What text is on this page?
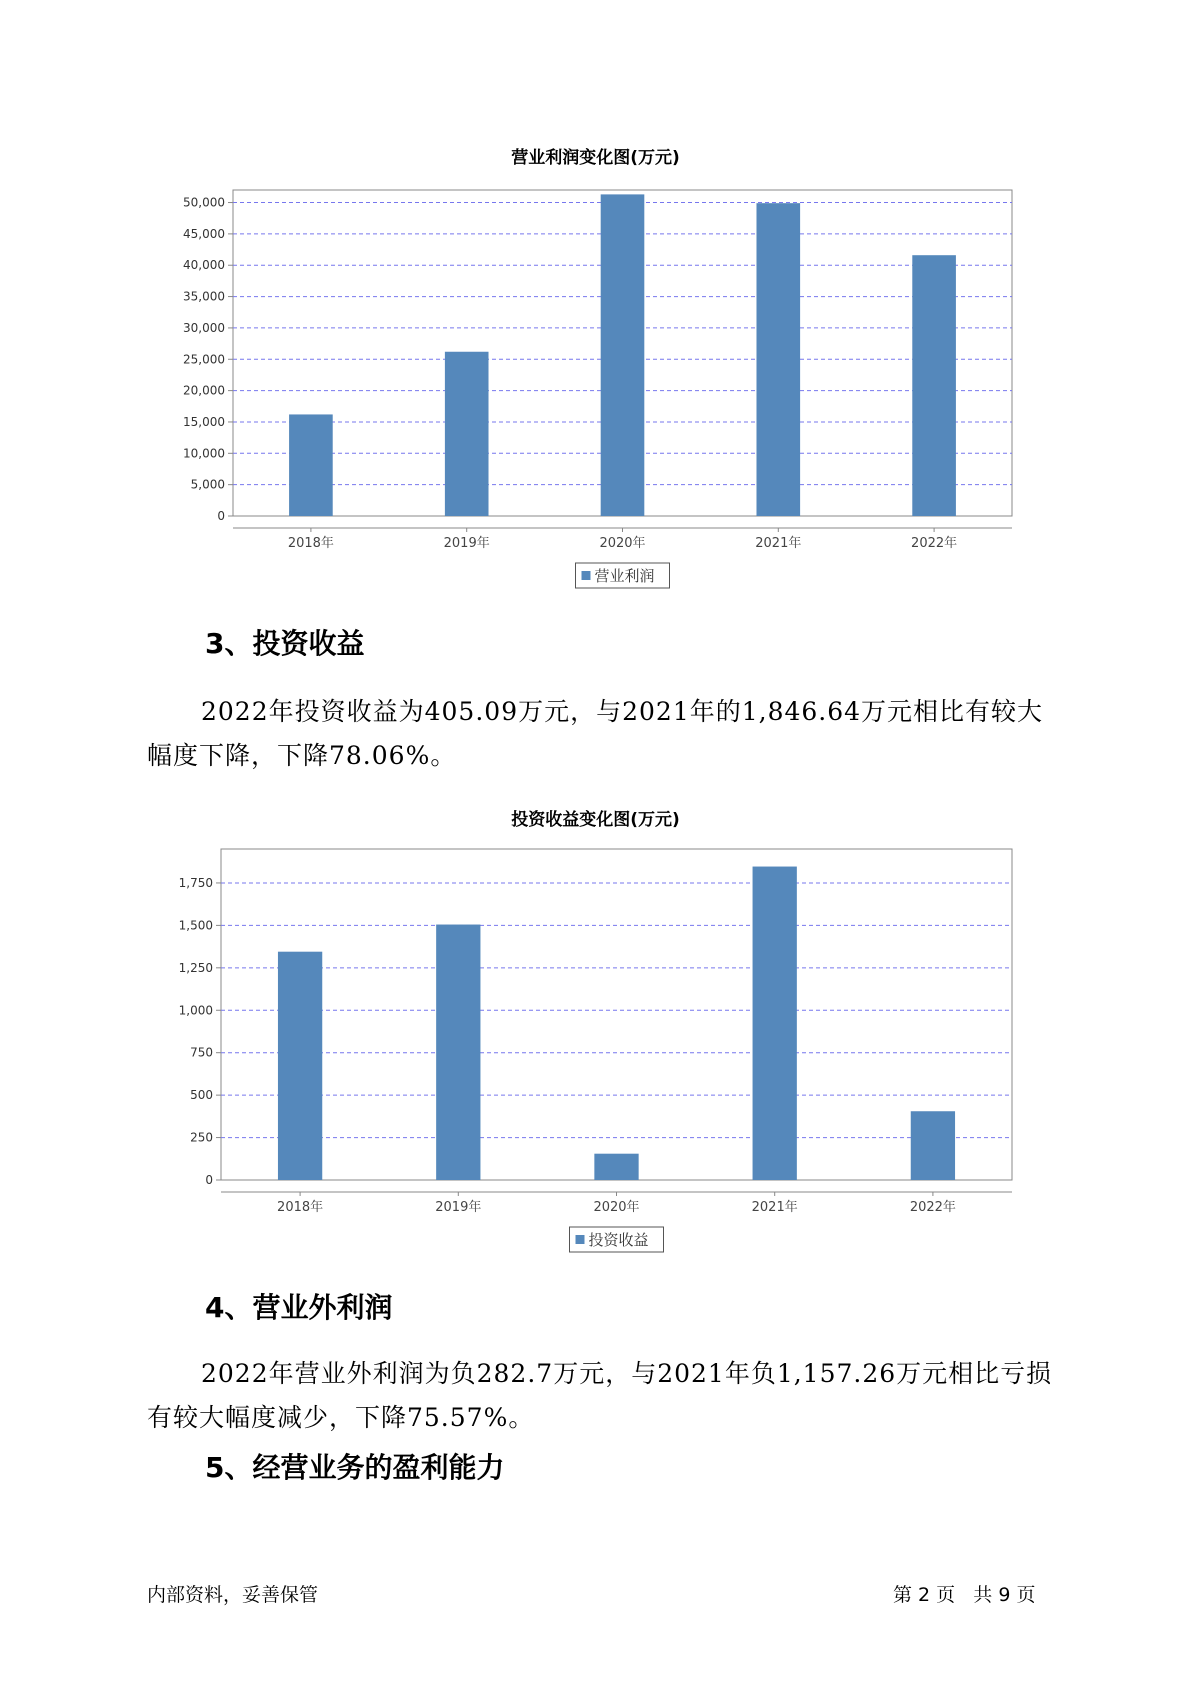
营业利润变化图(万元)
0
5,000
10,000
15,000
20,000
25,000
30,000
35,000
40,000
45,000
50,000
2018年	2019年	2020年	2021年	2022年
营业利润
3、投资收益
2022年投资收益为405.09万元，与2021年的1,846.64万元相比有较大
幅度下降，下降78.06%。
投资收益变化图(万元)
0
250
500
750
1,000
1,250
1,500
1,750
2018年	2019年	2020年	2021年	2022年
投资收益
4、营业外利润
2022年营业外利润为负282.7万元，与2021年负1,157.26万元相比亏损
有较大幅度减少，下降75.57%。
5、经营业务的盈利能力
内部资料，妥善保管	第 2 页   共 9 页
